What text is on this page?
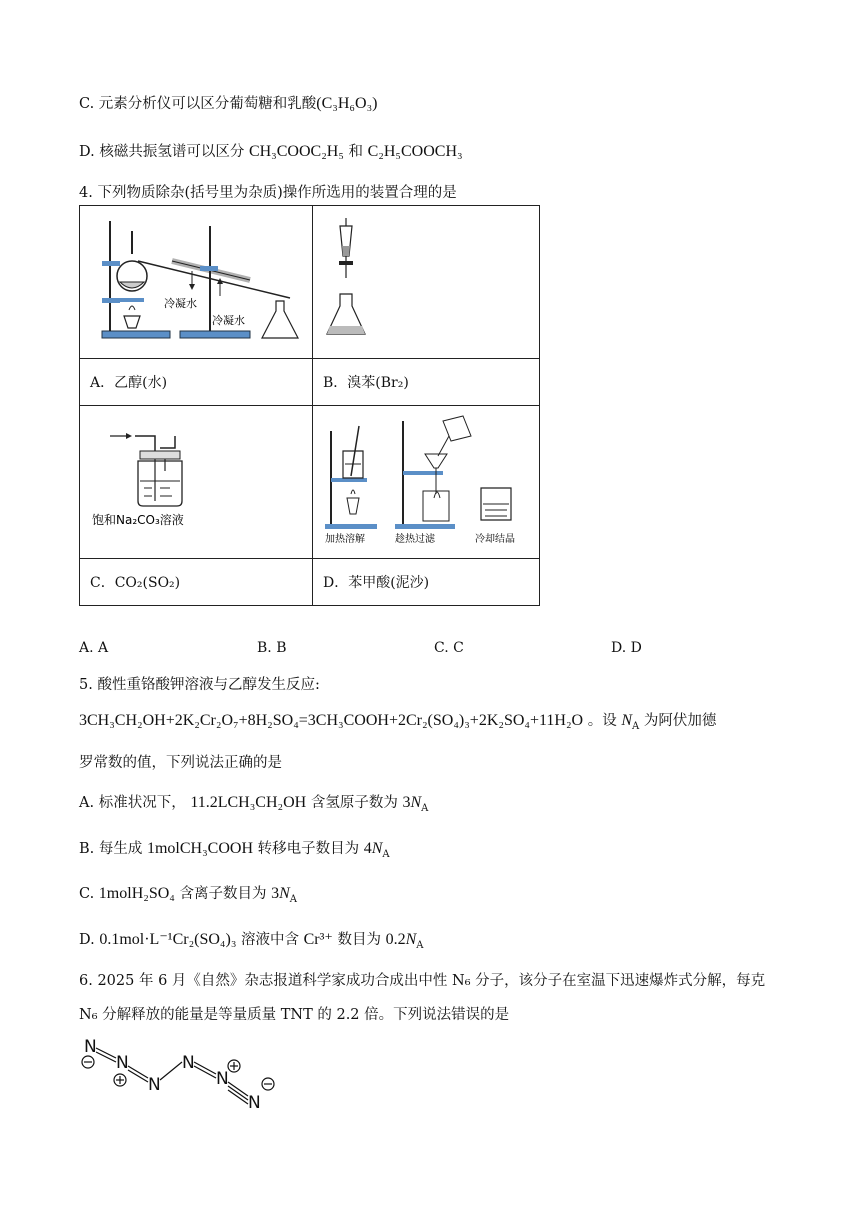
C. 元素分析仪可以区分葡萄糖和乳酸(C₃H₆O₃)
D. 核磁共振氢谱可以区分 CH₃COOC₂H₅ 和 C₂H₅COOCH₃
4. 下列物质除杂(括号里为杂质)操作所选用的装置合理的是
冷凝水
冷凝水

A．乙醇(水)	B．溴苯(Br₂)

饱和Na₂CO₃溶液	加热溶解 趁热过滤 冷却结晶

C．CO₂(SO₂)	D．苯甲酸(泥沙)
A. A	B. B	C. C	D. D
5. 酸性重铬酸钾溶液与乙醇发生反应:
3CH₃CH₂OH+2K₂Cr₂O₇+8H₂SO₄=3CH₃COOH+2Cr₂(SO₄)₃+2K₂SO₄+11H₂O 。设 $N_A$ 为阿伏加德
罗常数的值，下列说法正确的是
A. 标准状况下， 11.2LCH₃CH₂OH 含氢原子数为 $3N_A$
B. 每生成 1molCH₃COOH 转移电子数目为 $4N_A$
C. 1molH₂SO₄ 含离子数目为 $3N_A$
D. 0.1mol·L⁻¹Cr₂(SO₄)₃ 溶液中含 Cr³⁺ 数目为 $0.2N_A$
6. 2025 年 6 月《自然》杂志报道科学家成功合成出中性 N₆ 分子，该分子在室温下迅速爆炸式分解，每克
N₆ 分解释放的能量是等量质量 TNT 的 2.2 倍。下列说法错误的是
N
N
N
N
N
N
